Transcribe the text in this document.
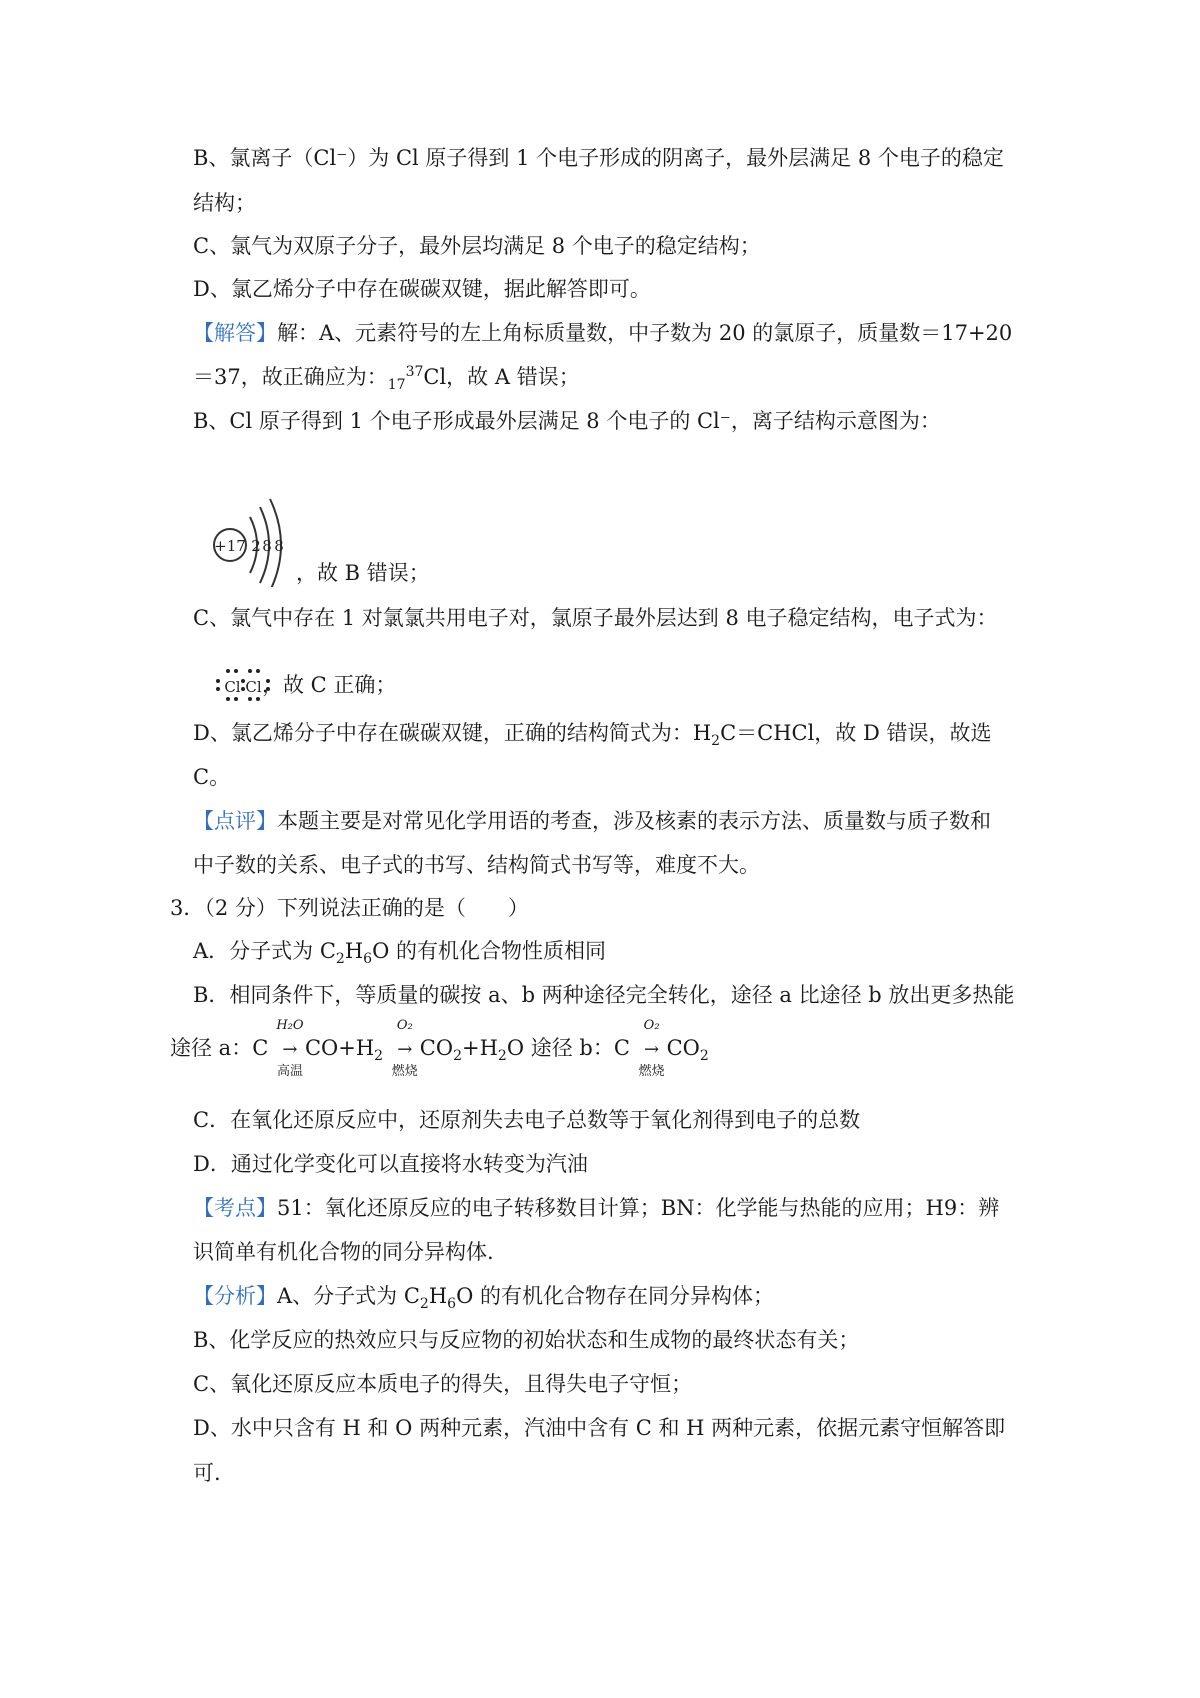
B、氯离子（Cl⁻）为 Cl 原子得到 1 个电子形成的阴离子，最外层满足 8 个电子的稳定
结构；
C、氯气为双原子分子，最外层均满足 8 个电子的稳定结构；
D、氯乙烯分子中存在碳碳双键，据此解答即可。
【解答】解：A、元素符号的左上角标质量数，中子数为 20 的氯原子，质量数＝17+20
＝37，故正确应为：$_{17}^{37}$Cl，故 A 错误；
B、Cl 原子得到 1 个电子形成最外层满足 8 个电子的 Cl⁻，离子结构示意图为：
+17 2 8 8
，故 B 错误；
C、氯气中存在 1 对氯氯共用电子对，氯原子最外层达到 8 电子稳定结构，电子式为：
Cl Cl ，故 C 正确；
D、氯乙烯分子中存在碳碳双键，正确的结构简式为：$H_2C=CHCl$，故 D 错误，故选
C。
【点评】本题主要是对常见化学用语的考查，涉及核素的表示方法、质量数与质子数和
中子数的关系、电子式的书写、结构简式书写等，难度不大。
3．（2 分）下列说法正确的是（　　）
A．分子式为 $C_2H_6O$ 的有机化合物性质相同
B．相同条件下，等质量的碳按 a、b 两种途径完全转化，途径 a 比途径 b 放出更多热能
途径 a：C
H₂O
→
高温
$CO+H_2$
O₂
→
燃烧
$CO_2+H_2O$ 途径 b：C
O₂
→
燃烧
$CO_2$
C．在氧化还原反应中，还原剂失去电子总数等于氧化剂得到电子的总数
D．通过化学变化可以直接将水转变为汽油
【考点】51：氧化还原反应的电子转移数目计算；BN：化学能与热能的应用；H9：辨
识简单有机化合物的同分异构体.
【分析】A、分子式为 $C_2H_6O$ 的有机化合物存在同分异构体；
B、化学反应的热效应只与反应物的初始状态和生成物的最终状态有关；
C、氧化还原反应本质电子的得失，且得失电子守恒；
D、水中只含有 H 和 O 两种元素，汽油中含有 C 和 H 两种元素，依据元素守恒解答即
可.
